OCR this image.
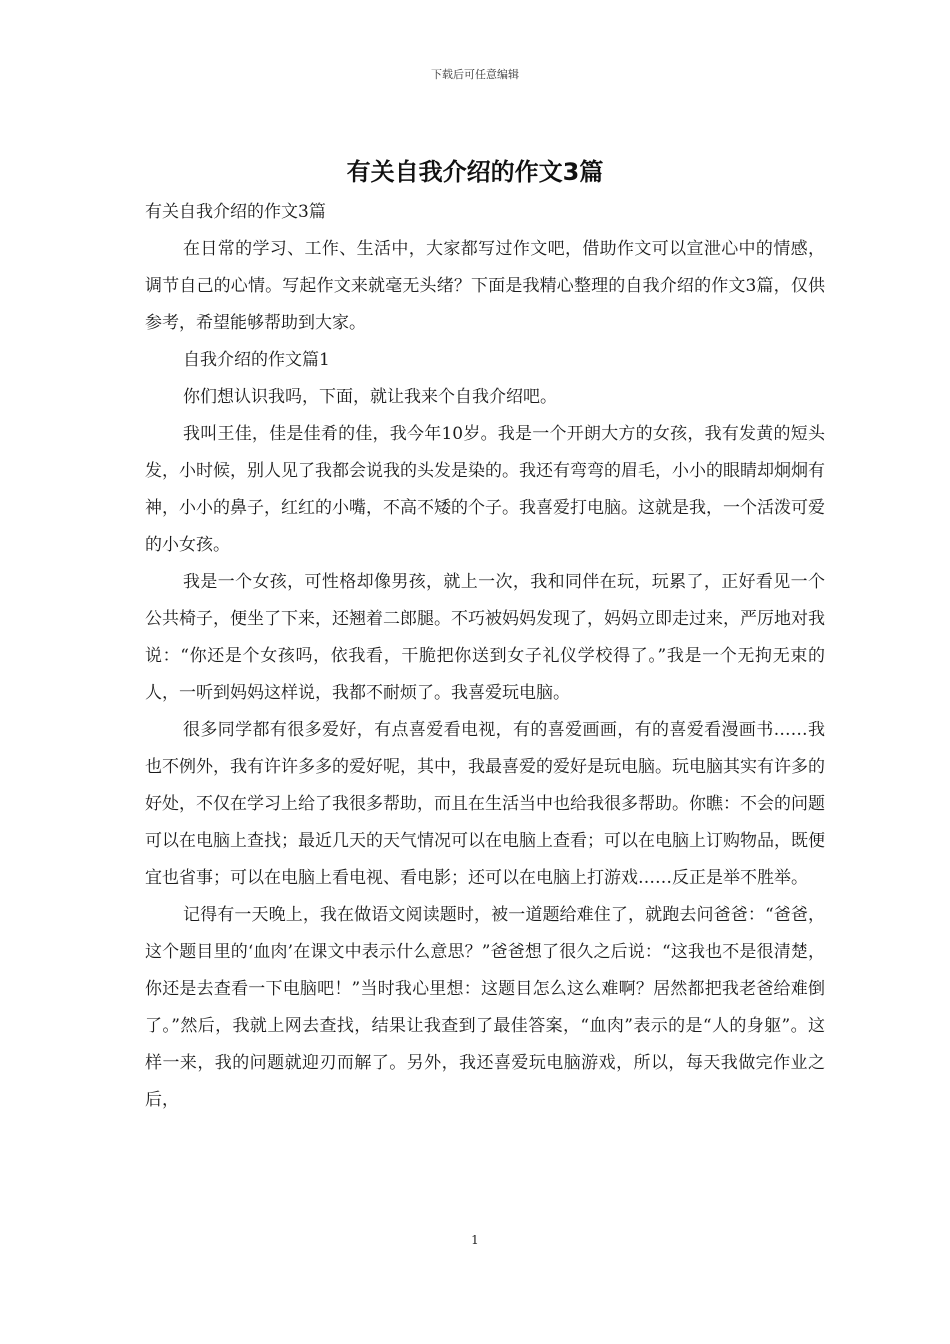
下载后可任意编辑
有关自我介绍的作文3篇

有关自我介绍的作文3篇

在日常的学习、工作、生活中，大家都写过作文吧，借助作文可以宣泄心中的情感，调节自己的心情。写起作文来就毫无头绪？下面是我精心整理的自我介绍的作文3篇，仅供参考，希望能够帮助到大家。

自我介绍的作文篇1

你们想认识我吗，下面，就让我来个自我介绍吧。

我叫王佳，佳是佳肴的佳，我今年10岁。我是一个开朗大方的女孩，我有发黄的短头发，小时候，别人见了我都会说我的头发是染的。我还有弯弯的眉毛，小小的眼睛却炯炯有神，小小的鼻子，红红的小嘴，不高不矮的个子。我喜爱打电脑。这就是我，一个活泼可爱的小女孩。

我是一个女孩，可性格却像男孩，就上一次，我和同伴在玩，玩累了，正好看见一个公共椅子，便坐了下来，还翘着二郎腿。不巧被妈妈发现了，妈妈立即走过来，严厉地对我说：“你还是个女孩吗，依我看，干脆把你送到女子礼仪学校得了。”我是一个无拘无束的人，一听到妈妈这样说，我都不耐烦了。我喜爱玩电脑。

很多同学都有很多爱好，有点喜爱看电视，有的喜爱画画，有的喜爱看漫画书……我也不例外，我有许许多多的爱好呢，其中，我最喜爱的爱好是玩电脑。玩电脑其实有许多的好处，不仅在学习上给了我很多帮助，而且在生活当中也给我很多帮助。你瞧：不会的问题可以在电脑上查找；最近几天的天气情况可以在电脑上查看；可以在电脑上订购物品，既便宜也省事；可以在电脑上看电视、看电影；还可以在电脑上打游戏……反正是举不胜举。

记得有一天晚上，我在做语文阅读题时，被一道题给难住了，就跑去问爸爸：“爸爸，这个题目里的‘血肉’在课文中表示什么意思？”爸爸想了很久之后说：“这我也不是很清楚，你还是去查看一下电脑吧！”当时我心里想：这题目怎么这么难啊？居然都把我老爸给难倒了。”然后，我就上网去查找，结果让我查到了最佳答案，“血肉”表示的是“人的身躯”。这样一来，我的问题就迎刃而解了。另外，我还喜爱玩电脑游戏，所以，每天我做完作业之后，

1
